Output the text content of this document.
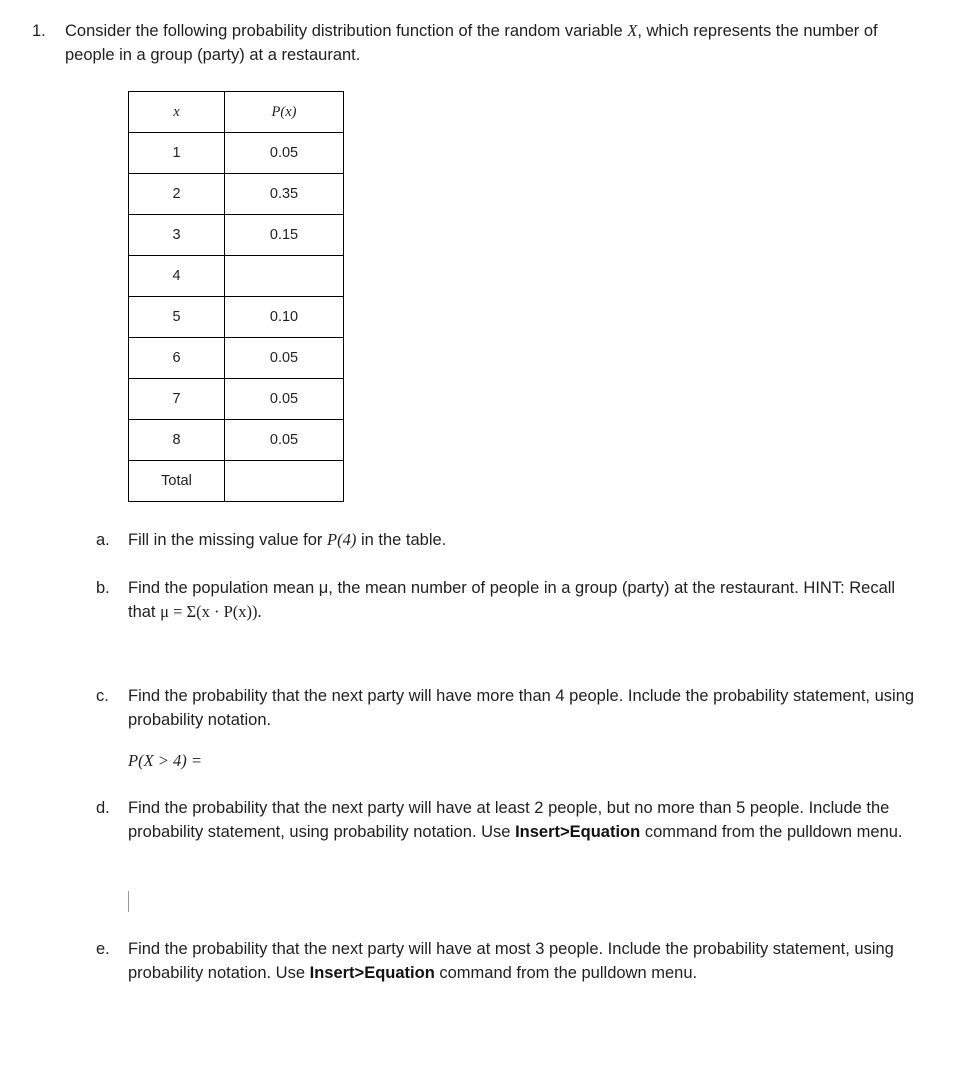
1. Consider the following probability distribution function of the random variable X, which represents the number of people in a group (party) at a restaurant.
x	P(x)
1	0.05
2	0.35
3	0.15
4	
5	0.10
6	0.05
7	0.05
8	0.05
Total	
a. Fill in the missing value for P(4) in the table.
b. Find the population mean μ, the mean number of people in a group (party) at the restaurant. HINT: Recall that μ = Σ(x · P(x)).
c. Find the probability that the next party will have more than 4 people. Include the probability statement, using probability notation.
P(X > 4) =
d. Find the probability that the next party will have at least 2 people, but no more than 5 people. Include the probability statement, using probability notation. Use Insert>Equation command from the pulldown menu.
e. Find the probability that the next party will have at most 3 people. Include the probability statement, using probability notation. Use Insert>Equation command from the pulldown menu.
